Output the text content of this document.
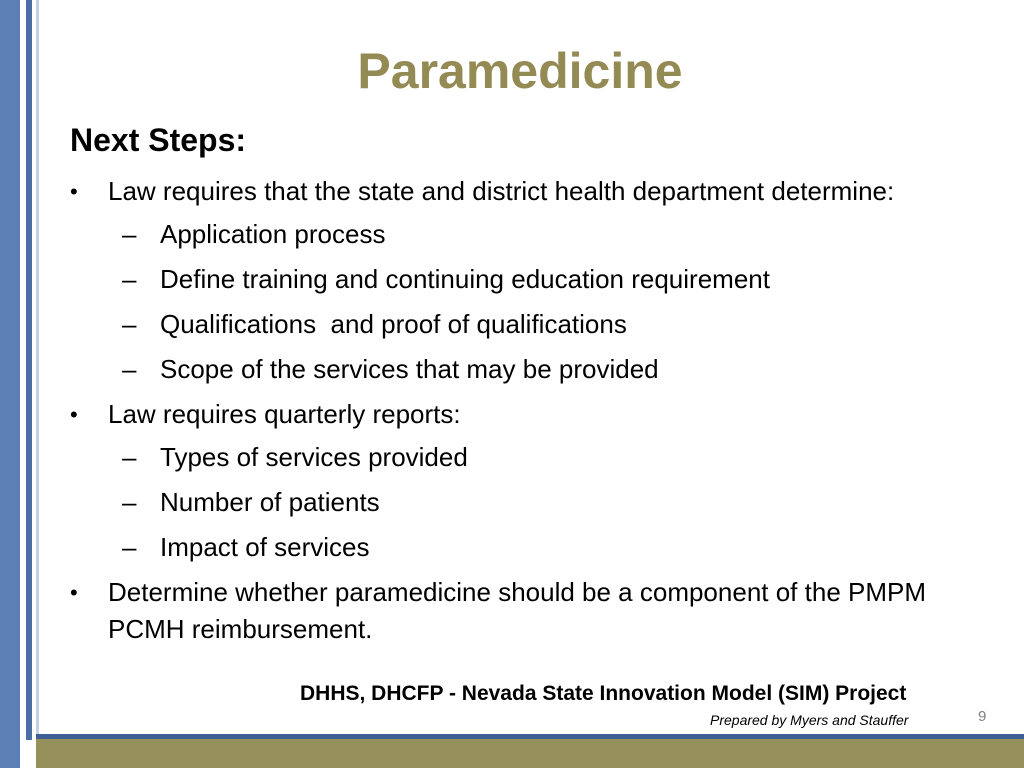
Paramedicine
Next Steps:
• Law requires that the state and district health department determine:
– Application process
– Define training and continuing education requirement
– Qualifications  and proof of qualifications
– Scope of the services that may be provided
• Law requires quarterly reports:
– Types of services provided
– Number of patients
– Impact of services
• Determine whether paramedicine should be a component of the PMPM PCMH reimbursement.
DHHS, DHCFP - Nevada State Innovation Model (SIM) Project
Prepared by Myers and Stauffer	9
